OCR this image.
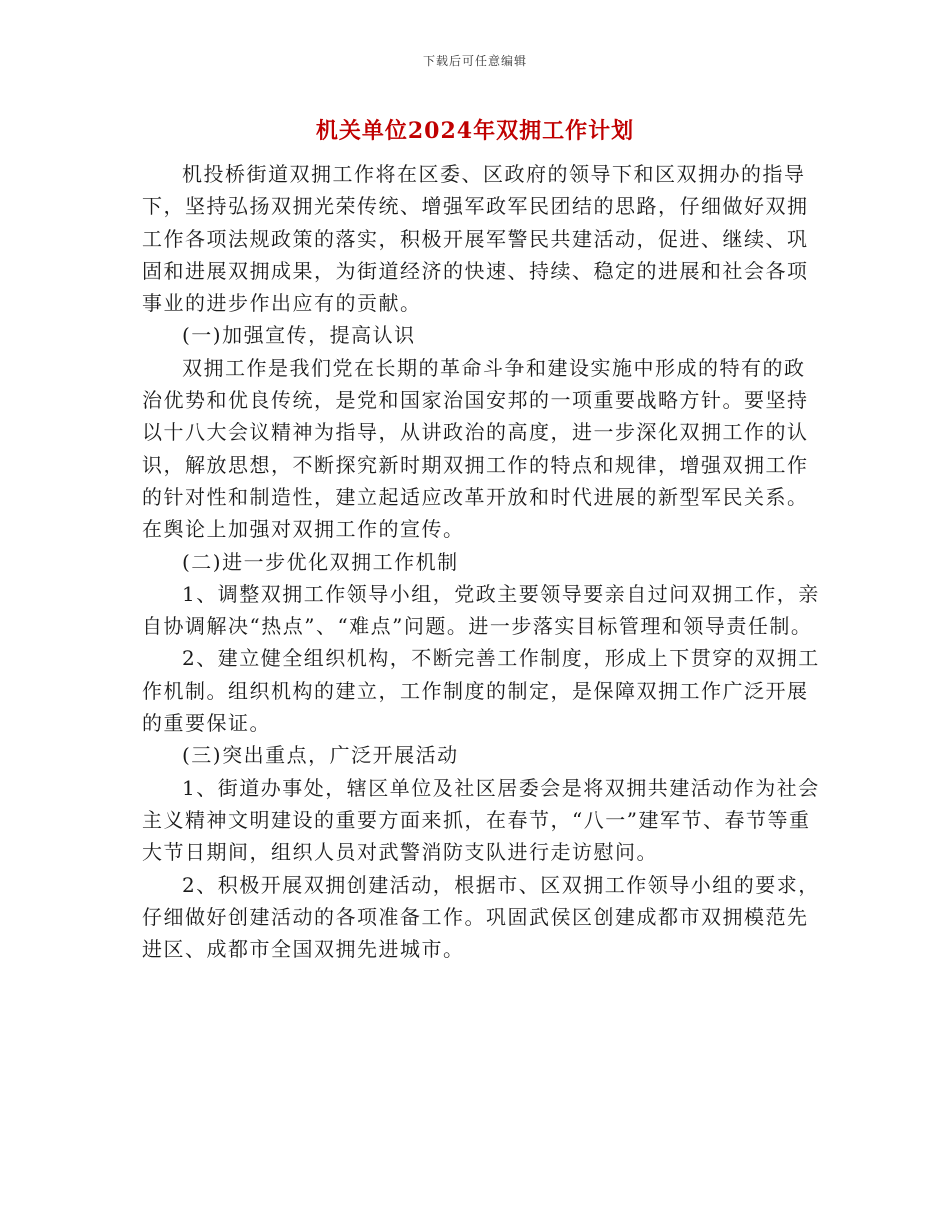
下载后可任意编辑
机关单位2024年双拥工作计划

机投桥街道双拥工作将在区委、区政府的领导下和区双拥办的指导下，坚持弘扬双拥光荣传统、增强军政军民团结的思路，仔细做好双拥工作各项法规政策的落实，积极开展军警民共建活动，促进、继续、巩固和进展双拥成果，为街道经济的快速、持续、稳定的进展和社会各项事业的进步作出应有的贡献。

(一)加强宣传，提高认识

双拥工作是我们党在长期的革命斗争和建设实施中形成的特有的政治优势和优良传统，是党和国家治国安邦的一项重要战略方针。要坚持以十八大会议精神为指导，从讲政治的高度，进一步深化双拥工作的认识，解放思想，不断探究新时期双拥工作的特点和规律，增强双拥工作的针对性和制造性，建立起适应改革开放和时代进展的新型军民关系。在舆论上加强对双拥工作的宣传。

(二)进一步优化双拥工作机制

1、调整双拥工作领导小组，党政主要领导要亲自过问双拥工作，亲自协调解决“热点”、“难点”问题。进一步落实目标管理和领导责任制。

2、建立健全组织机构，不断完善工作制度，形成上下贯穿的双拥工作机制。组织机构的建立，工作制度的制定，是保障双拥工作广泛开展的重要保证。

(三)突出重点，广泛开展活动

1、街道办事处，辖区单位及社区居委会是将双拥共建活动作为社会主义精神文明建设的重要方面来抓，在春节，“八一”建军节、春节等重大节日期间，组织人员对武警消防支队进行走访慰问。

2、积极开展双拥创建活动，根据市、区双拥工作领导小组的要求，仔细做好创建活动的各项准备工作。巩固武侯区创建成都市双拥模范先进区、成都市全国双拥先进城市。
